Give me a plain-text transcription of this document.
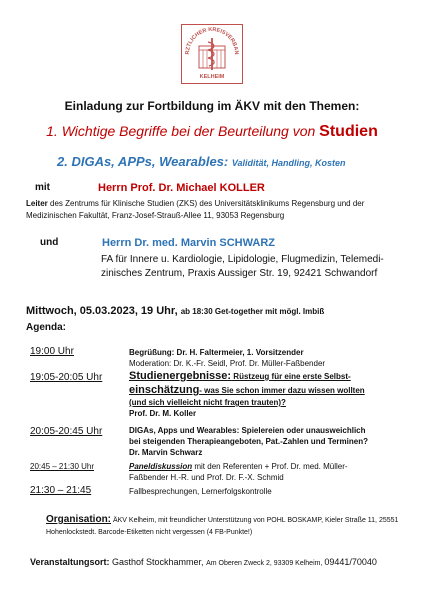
RZTLICHER KREISVERBAN
KELHEIM
Einladung zur Fortbildung im ÄKV mit den Themen:
1. Wichtige Begriffe bei der Beurteilung von Studien
2. DIGAs, APPs, Wearables: Validität, Handling, Kosten
mit	Herrn Prof. Dr. Michael KOLLER
Leiter des Zentrums für Klinische Studien (ZKS) des Universitätsklinikums Regensburg und der Medizinischen Fakultät, Franz-Josef-Strauß-Allee 11, 93053 Regensburg
und	Herrn Dr. med. Marvin SCHWARZ
FA für Innere u. Kardiologie, Lipidologie, Flugmedizin, Telemedi-zinisches Zentrum, Praxis Aussiger Str. 19, 92421 Schwandorf
Mittwoch, 05.03.2023, 19 Uhr, ab 18:30 Get-together mit mögl. Imbiß
Agenda:
19:00 Uhr	Begrüßung: Dr. H. Faltermeier, 1. Vorsitzender
Moderation: Dr. K.-Fr. Seidl, Prof. Dr. Müller-Faßbender
19:05-20:05 Uhr Studienergebnisse: Rüstzeug für eine erste Selbst-
einschätzung- was Sie schon immer dazu wissen wollten
(und sich vielleicht nicht fragen trauten)?
Prof. Dr. M. Koller
20:05-20:45 Uhr	DIGAs, Apps und Wearables: Spielereien oder unausweichlich
bei steigenden Therapieangeboten, Pat.-Zahlen und Terminen?
Dr. Marvin Schwarz
20:45 – 21:30 Uhr	Paneldiskussion mit den Referenten + Prof. Dr. med. Müller-
Faßbender H.-R. und Prof. Dr. F.-X. Schmid
21:30 – 21:45	Fallbesprechungen, Lernerfolgskontrolle
Organisation: ÄKV Kelheim, mit freundlicher Unterstützung von POHL BOSKAMP, Kieler Straße 11, 25551 Hohenlockstedt. Barcode-Etiketten nicht vergessen (4 FB-Punkte!)
Veranstaltungsort: Gasthof Stockhammer, Am Oberen Zweck 2, 93309 Kelheim, 09441/70040
